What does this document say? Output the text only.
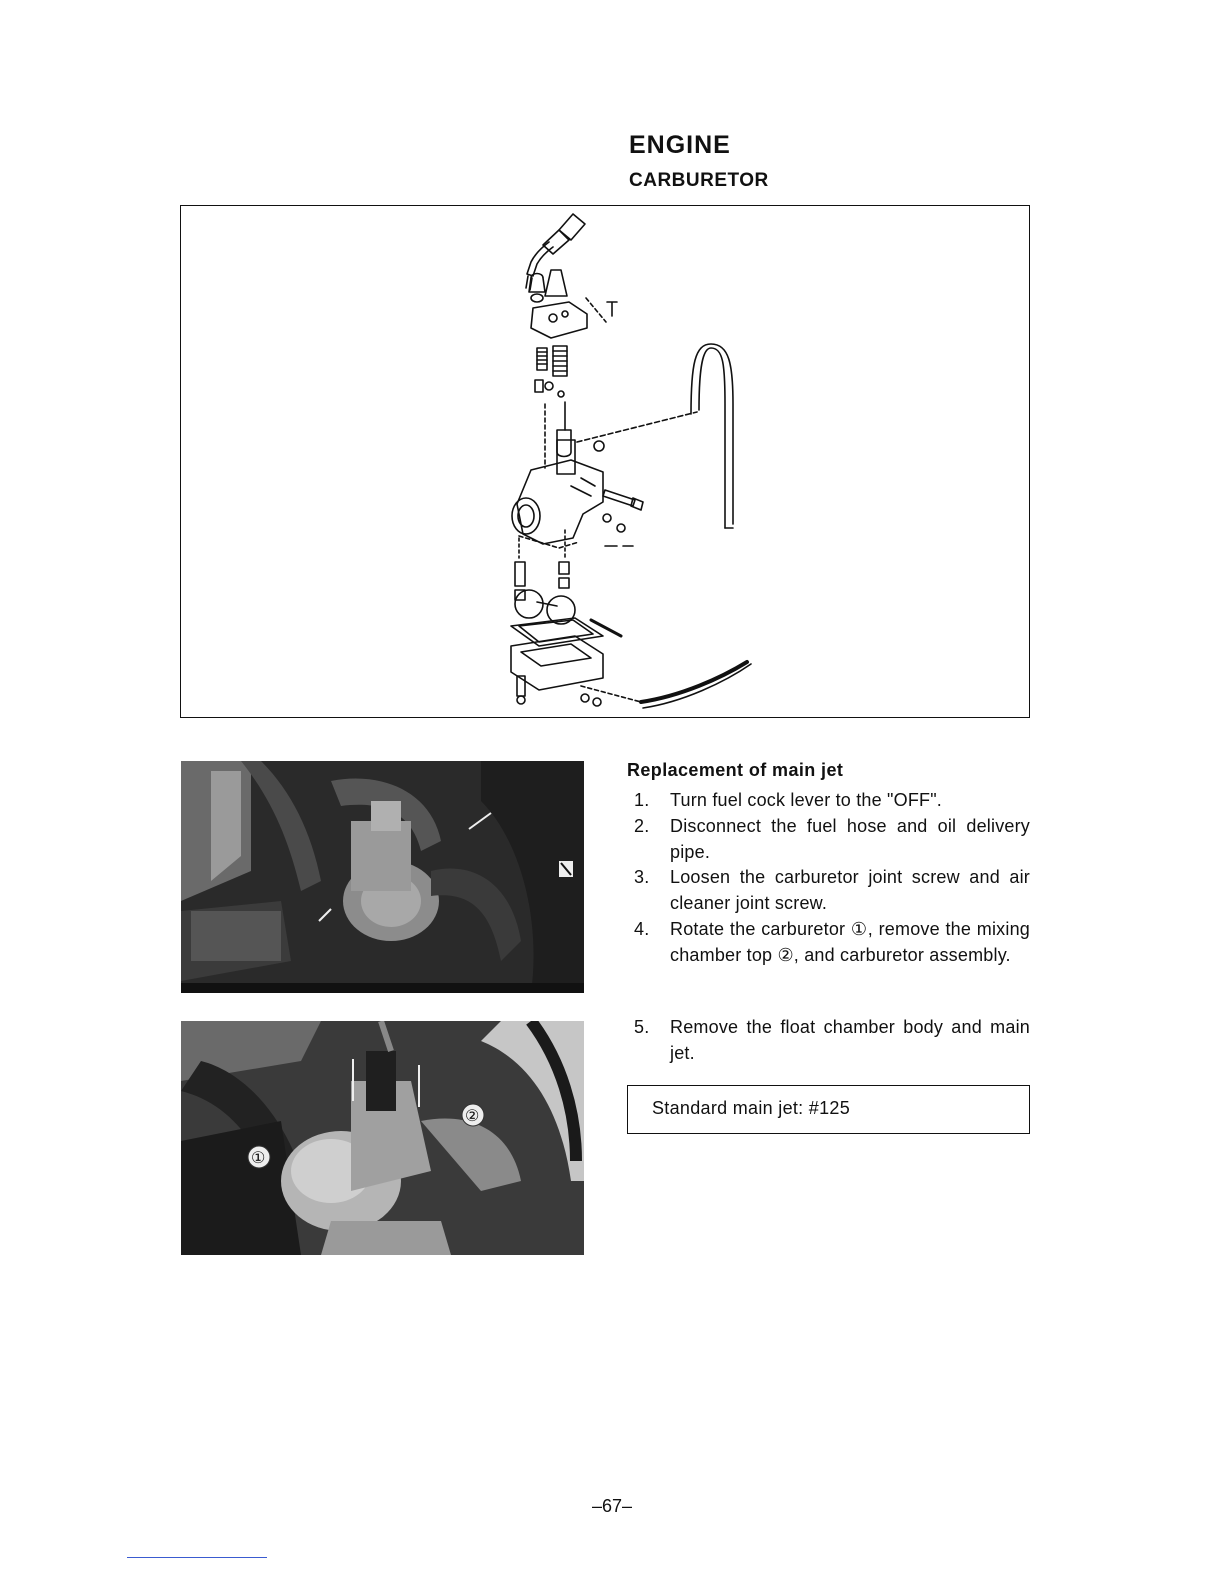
ENGINE
CARBURETOR
①
②
Replacement of main jet
1.	Turn fuel cock lever to the "OFF".
2.	Disconnect the fuel hose and oil delivery pipe.
3.	Loosen the carburetor joint screw and air cleaner joint screw.
4.	Rotate the carburetor ①, remove the mixing chamber top ②, and carburetor assembly.
5.	Remove the float chamber body and main jet.
Standard main jet: #125
–67–
